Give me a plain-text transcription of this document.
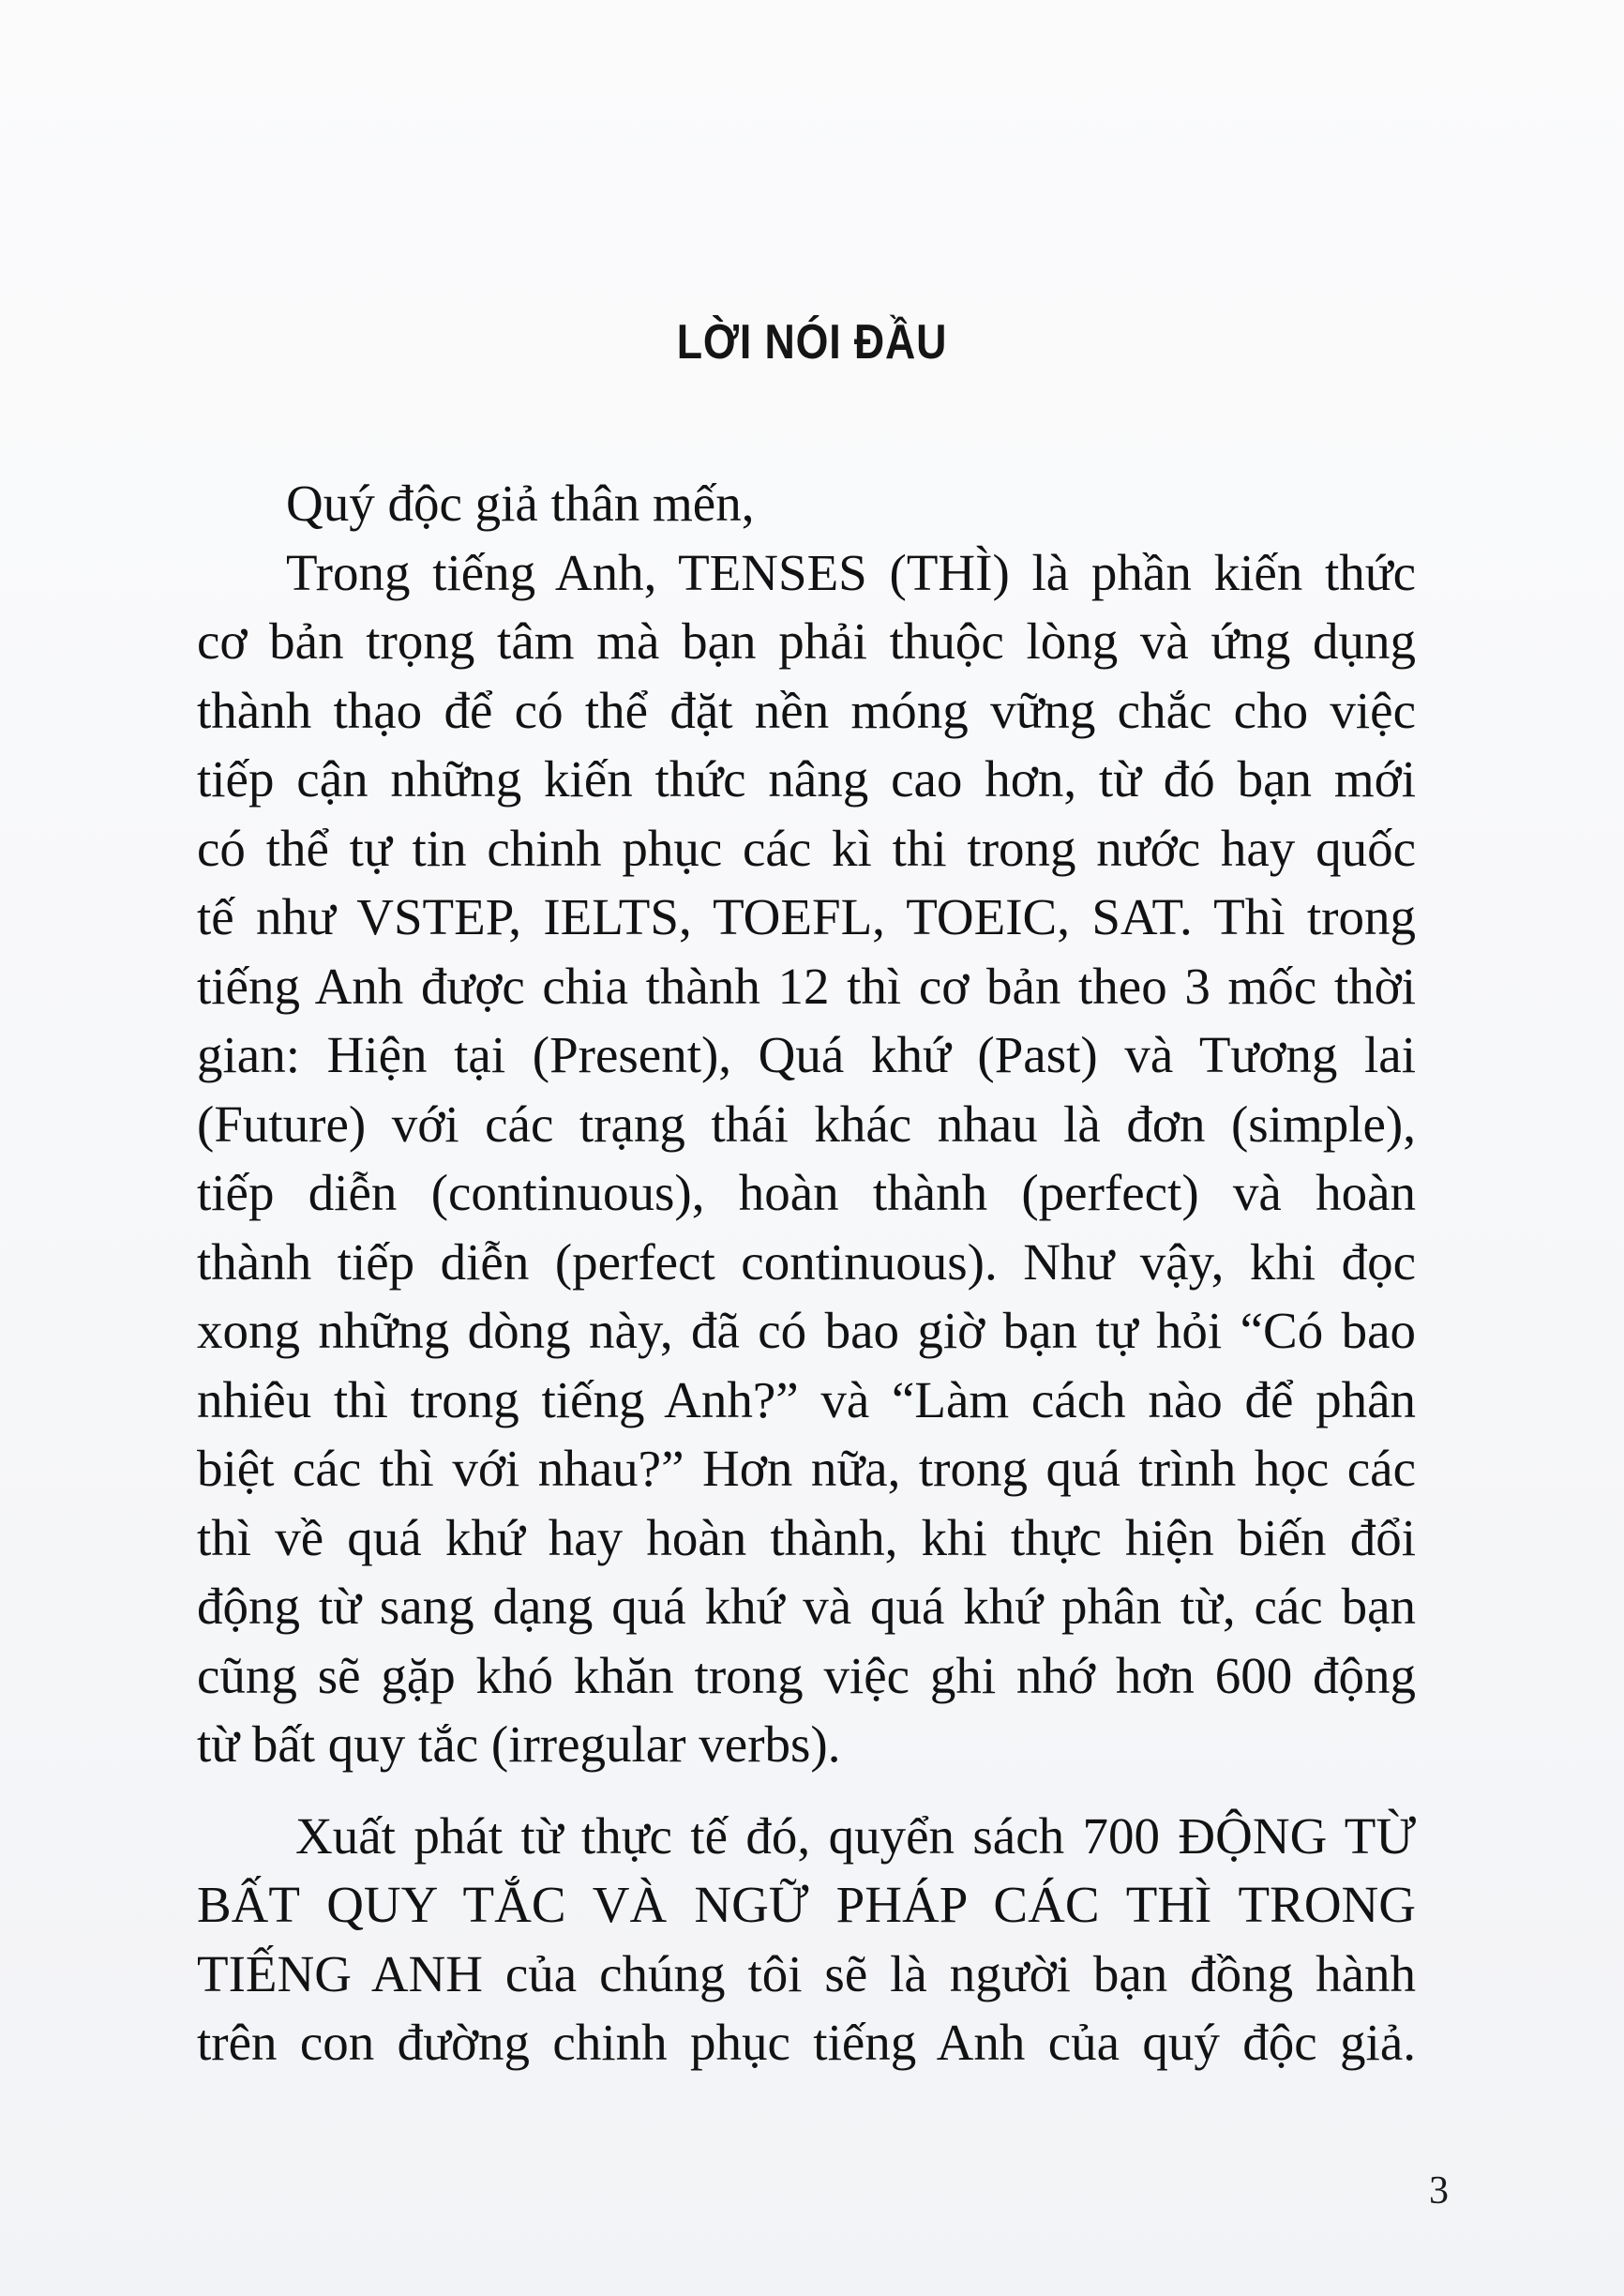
LỜI NÓI ĐẦU
Quý độc giả thân mến,
Trong tiếng Anh, TENSES (THÌ) là phần kiến thức
cơ bản trọng tâm mà bạn phải thuộc lòng và ứng dụng
thành thạo để có thể đặt nền móng vững chắc cho việc
tiếp cận những kiến thức nâng cao hơn, từ đó bạn mới
có thể tự tin chinh phục các kì thi trong nước hay quốc
tế như VSTEP, IELTS, TOEFL, TOEIC, SAT. Thì trong
tiếng Anh được chia thành 12 thì cơ bản theo 3 mốc thời
gian: Hiện tại (Present), Quá khứ (Past) và Tương lai
(Future) với các trạng thái khác nhau là đơn (simple),
tiếp diễn (continuous), hoàn thành (perfect) và hoàn
thành tiếp diễn (perfect continuous). Như vậy, khi đọc
xong những dòng này, đã có bao giờ bạn tự hỏi “Có bao
nhiêu thì trong tiếng Anh?” và “Làm cách nào để phân
biệt các thì với nhau?” Hơn nữa, trong quá trình học các
thì về quá khứ hay hoàn thành, khi thực hiện biến đổi
động từ sang dạng quá khứ và quá khứ phân từ, các bạn
cũng sẽ gặp khó khăn trong việc ghi nhớ hơn 600 động
từ bất quy tắc (irregular verbs).
Xuất phát từ thực tế đó, quyển sách 700 ĐỘNG TỪ
BẤT QUY TẮC VÀ NGỮ PHÁP CÁC THÌ TRONG
TIẾNG ANH của chúng tôi sẽ là người bạn đồng hành
trên con đường chinh phục tiếng Anh của quý độc giả.
3
